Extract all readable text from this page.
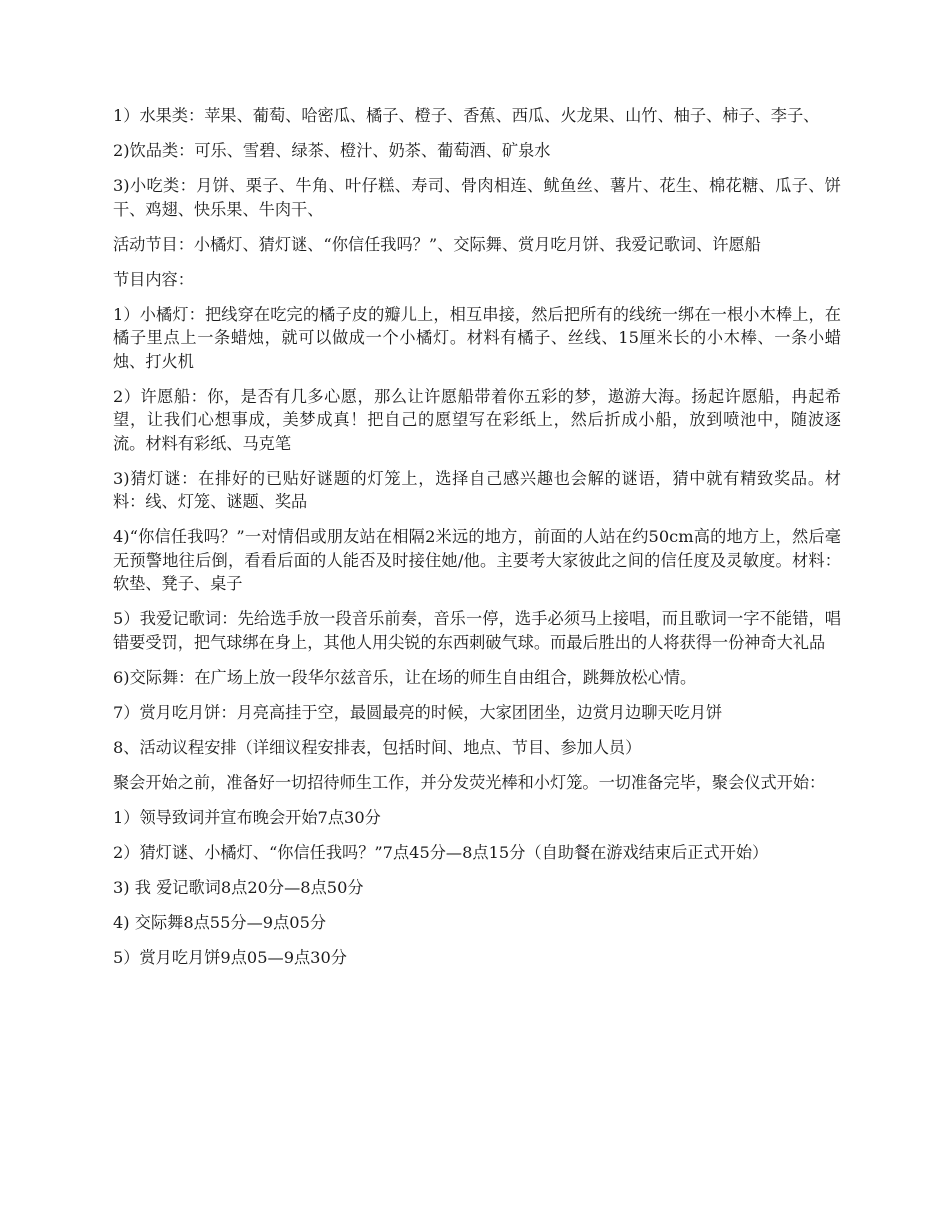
1）水果类：苹果、葡萄、哈密瓜、橘子、橙子、香蕉、西瓜、火龙果、山竹、柚子、柿子、李子、

2)饮品类：可乐、雪碧、绿茶、橙汁、奶茶、葡萄酒、矿泉水

3)小吃类：月饼、栗子、牛角、叶仔糕、寿司、骨肉相连、鱿鱼丝、薯片、花生、棉花糖、瓜子、饼干、鸡翅、快乐果、牛肉干、

活动节目：小橘灯、猜灯谜、“你信任我吗？”、交际舞、赏月吃月饼、我爱记歌词、许愿船

节目内容：

1）小橘灯：把线穿在吃完的橘子皮的瓣儿上，相互串接，然后把所有的线统一绑在一根小木棒上，在橘子里点上一条蜡烛，就可以做成一个小橘灯。材料有橘子、丝线、15厘米长的小木棒、一条小蜡烛、打火机

2）许愿船：你，是否有几多心愿，那么让许愿船带着你五彩的梦，遨游大海。扬起许愿船，冉起希望，让我们心想事成，美梦成真！把自己的愿望写在彩纸上，然后折成小船，放到喷池中，随波逐流。材料有彩纸、马克笔

3)猜灯谜：在排好的已贴好谜题的灯笼上，选择自己感兴趣也会解的谜语，猜中就有精致奖品。材料：线、灯笼、谜题、奖品

4)“你信任我吗？”一对情侣或朋友站在相隔2米远的地方，前面的人站在约50cm高的地方上，然后毫无预警地往后倒，看看后面的人能否及时接住她/他。主要考大家彼此之间的信任度及灵敏度。材料：软垫、凳子、桌子

5）我爱记歌词：先给选手放一段音乐前奏，音乐一停，选手必须马上接唱，而且歌词一字不能错，唱错要受罚，把气球绑在身上，其他人用尖锐的东西刺破气球。而最后胜出的人将获得一份神奇大礼品

6)交际舞：在广场上放一段华尔兹音乐，让在场的师生自由组合，跳舞放松心情。

7）赏月吃月饼：月亮高挂于空，最圆最亮的时候，大家团团坐，边赏月边聊天吃月饼

8、活动议程安排（详细议程安排表，包括时间、地点、节目、参加人员）

聚会开始之前，准备好一切招待师生工作，并分发荧光棒和小灯笼。一切准备完毕，聚会仪式开始：

1）领导致词并宣布晚会开始7点30分

2）猜灯谜、小橘灯、“你信任我吗？”7点45分—8点15分（自助餐在游戏结束后正式开始）

3) 我 爱记歌词8点20分—8点50分

4) 交际舞8点55分—9点05分

5）赏月吃月饼9点05—9点30分
